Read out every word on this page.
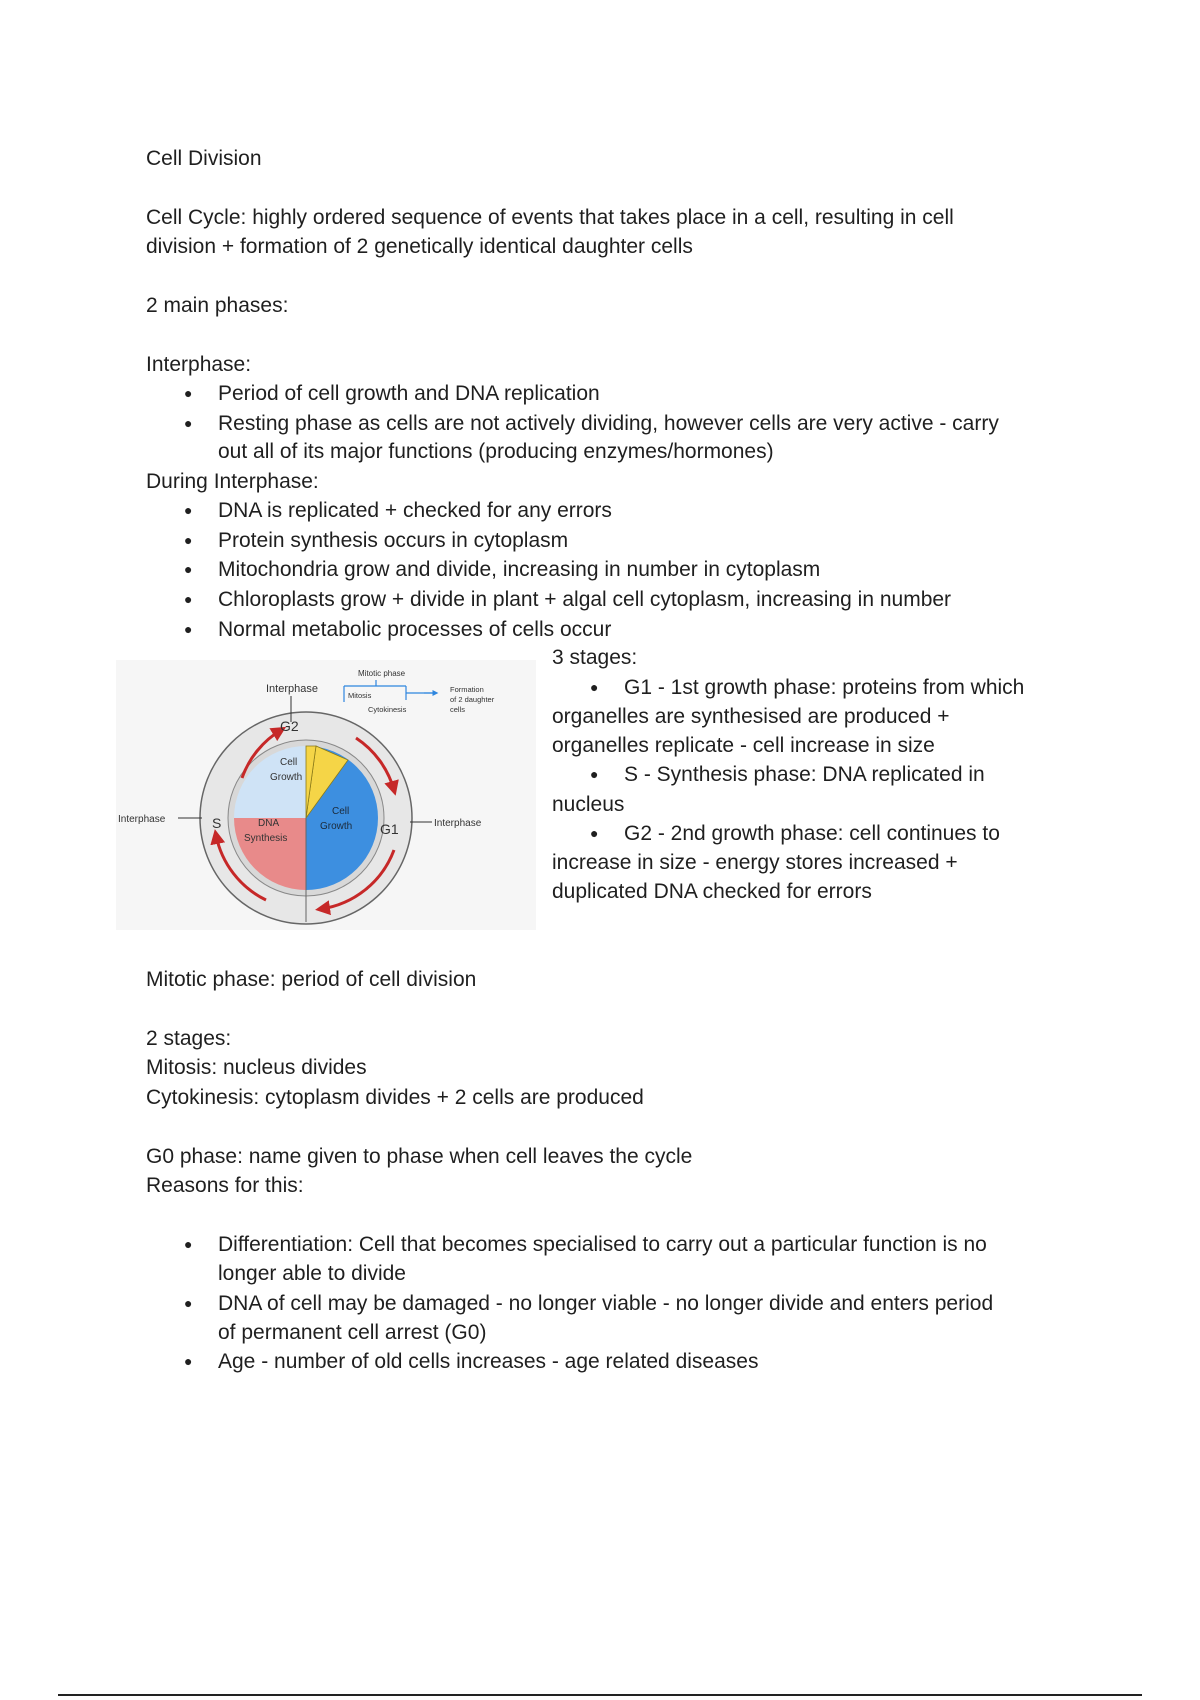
Cell Division
Cell Cycle: highly ordered sequence of events that takes place in a cell, resulting in cell
division + formation of 2 genetically identical daughter cells
2 main phases:
Interphase:
● Period of cell growth and DNA replication
● Resting phase as cells are not actively dividing, however cells are very active - carry
out all of its major functions (producing enzymes/hormones)
During Interphase:
● DNA is replicated + checked for any errors
● Protein synthesis occurs in cytoplasm
● Mitochondria grow and divide, increasing in number in cytoplasm
● Chloroplasts grow + divide in plant + algal cell cytoplasm, increasing in number
● Normal metabolic processes of cells occur
Interphase
Mitotic phase
Mitosis
Cytokinesis
Formation
of 2 daughter
cells
G2
Cell
Growth
Interphase	S	DNA
Synthesis
Cell
Growth G1	Interphase
3 stages:
● G1 - 1st growth phase: proteins from which
organelles are synthesised are produced +
organelles replicate - cell increase in size
● S - Synthesis phase: DNA replicated in
nucleus
● G2 - 2nd growth phase: cell continues to
increase in size - energy stores increased +
duplicated DNA checked for errors
Mitotic phase: period of cell division
2 stages:
Mitosis: nucleus divides
Cytokinesis: cytoplasm divides + 2 cells are produced
G0 phase: name given to phase when cell leaves the cycle
Reasons for this:
● Differentiation: Cell that becomes specialised to carry out a particular function is no
longer able to divide
● DNA of cell may be damaged - no longer viable - no longer divide and enters period
of permanent cell arrest (G0)
● Age - number of old cells increases - age related diseases
